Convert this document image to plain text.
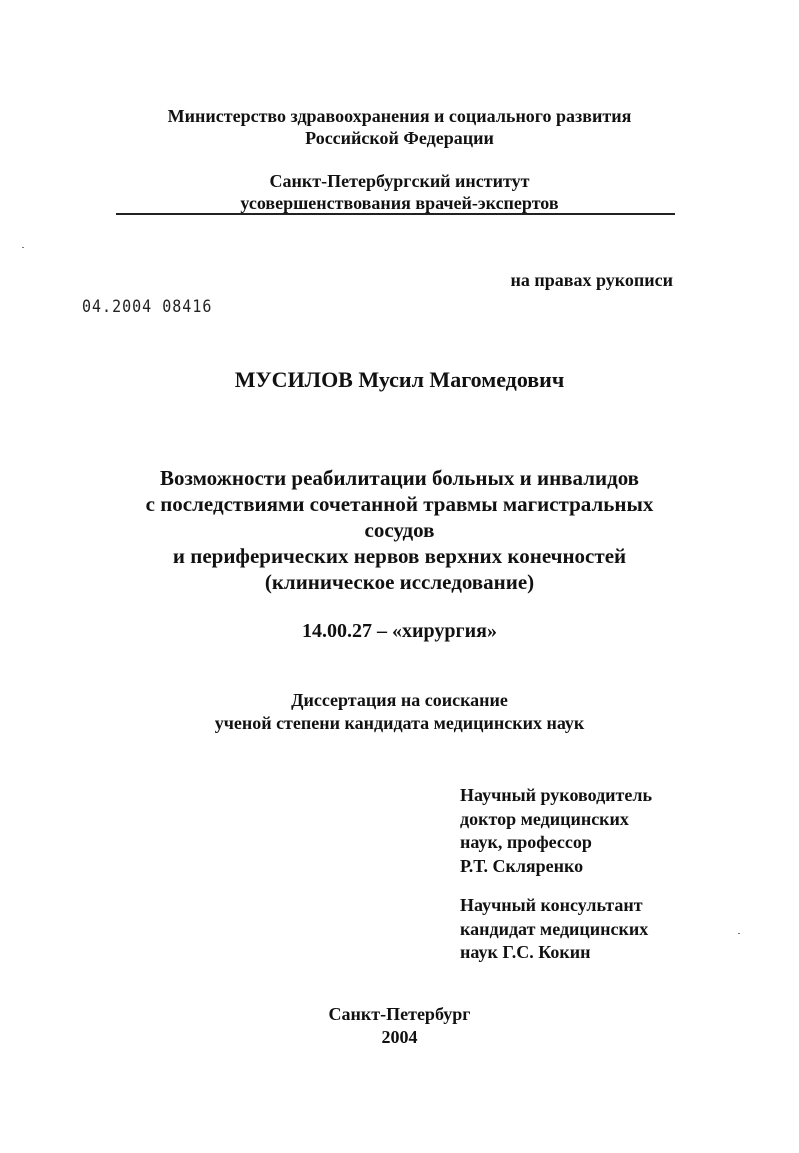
Министерство здравоохранения и социального развития
Российской Федерации
Санкт-Петербургский институт
усовершенствования врачей-экспертов
на правах рукописи
04.2004 08416
МУСИЛОВ Мусил Магомедович
Возможности реабилитации больных и инвалидов
с последствиями сочетанной травмы магистральных
сосудов
и периферических нервов верхних конечностей
(клиническое исследование)
14.00.27 – «хирургия»
Диссертация на соискание
ученой степени кандидата медицинских наук
Научный руководитель
доктор медицинских
наук, профессор
Р.Т. Скляренко
Научный консультант
кандидат медицинских
наук Г.С. Кокин
Санкт-Петербург
2004
